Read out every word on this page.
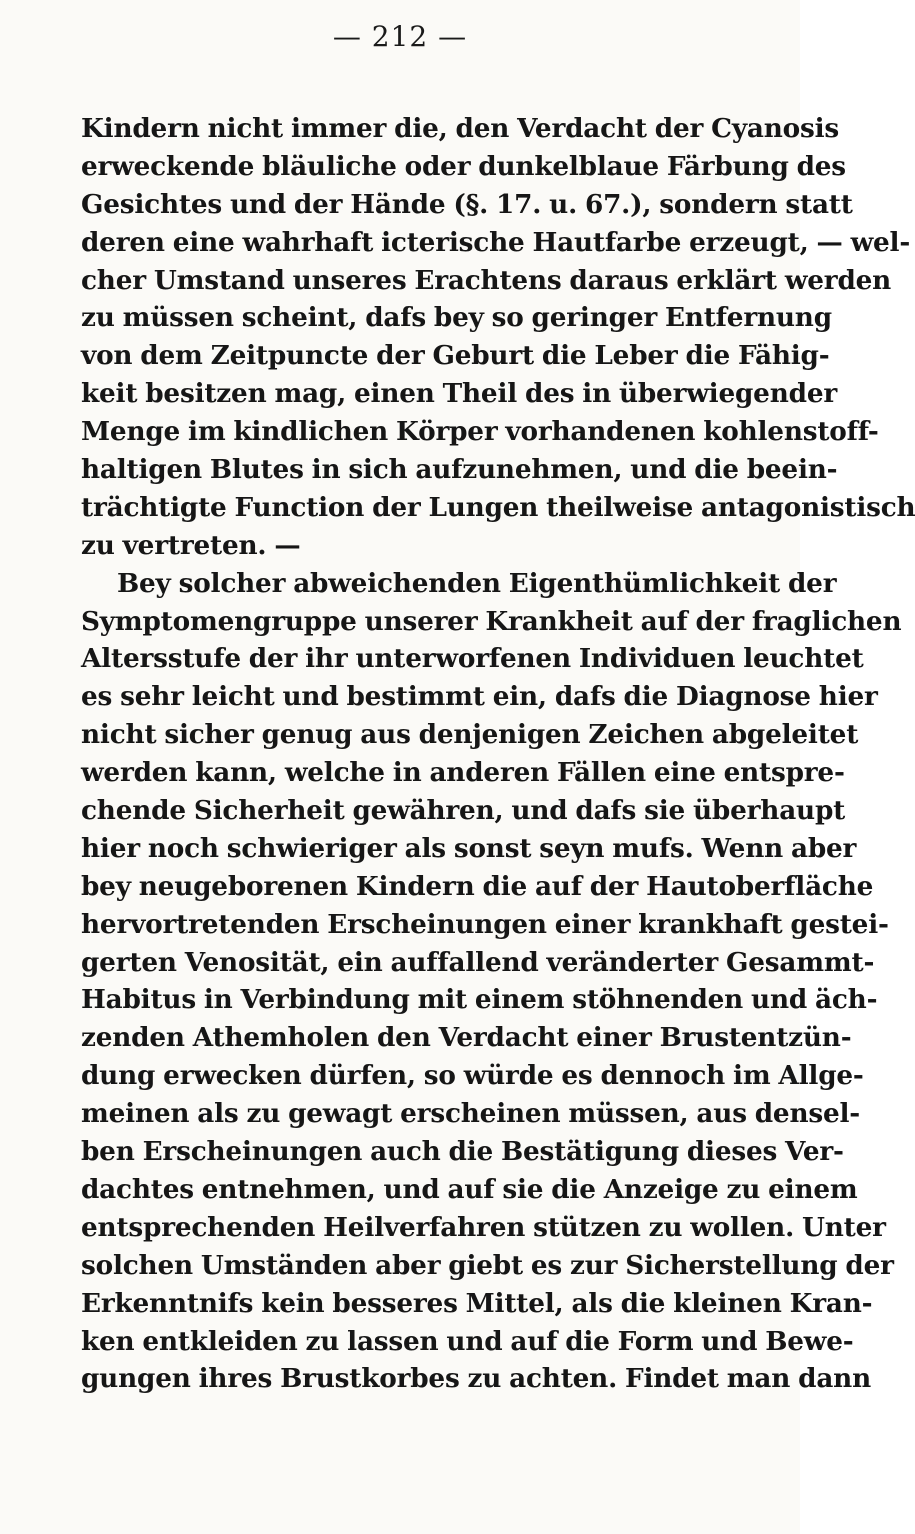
— 212 —
Kindern nicht immer die, den Verdacht der Cyanosis
erweckende bläuliche oder dunkelblaue Färbung des
Gesichtes und der Hände (§. 17. u. 67.), sondern statt
deren eine wahrhaft icterische Hautfarbe erzeugt, — wel-
cher Umstand unseres Erachtens daraus erklärt werden
zu müssen scheint, dafs bey so geringer Entfernung
von dem Zeitpuncte der Geburt die Leber die Fähig-
keit besitzen mag, einen Theil des in überwiegender
Menge im kindlichen Körper vorhandenen kohlenstoff-
haltigen Blutes in sich aufzunehmen, und die beein-
trächtigte Function der Lungen theilweise antagonistisch
zu vertreten. —
Bey solcher abweichenden Eigenthümlichkeit der
Symptomengruppe unserer Krankheit auf der fraglichen
Altersstufe der ihr unterworfenen Individuen leuchtet
es sehr leicht und bestimmt ein, dafs die Diagnose hier
nicht sicher genug aus denjenigen Zeichen abgeleitet
werden kann, welche in anderen Fällen eine entspre-
chende Sicherheit gewähren, und dafs sie überhaupt
hier noch schwieriger als sonst seyn mufs. Wenn aber
bey neugeborenen Kindern die auf der Hautoberfläche
hervortretenden Erscheinungen einer krankhaft gestei-
gerten Venosität, ein auffallend veränderter Gesammt-
Habitus in Verbindung mit einem stöhnenden und äch-
zenden Athemholen den Verdacht einer Brustentzün-
dung erwecken dürfen, so würde es dennoch im Allge-
meinen als zu gewagt erscheinen müssen, aus densel-
ben Erscheinungen auch die Bestätigung dieses Ver-
dachtes entnehmen, und auf sie die Anzeige zu einem
entsprechenden Heilverfahren stützen zu wollen. Unter
solchen Umständen aber giebt es zur Sicherstellung der
Erkenntnifs kein besseres Mittel, als die kleinen Kran-
ken entkleiden zu lassen und auf die Form und Bewe-
gungen ihres Brustkorbes zu achten. Findet man dann
